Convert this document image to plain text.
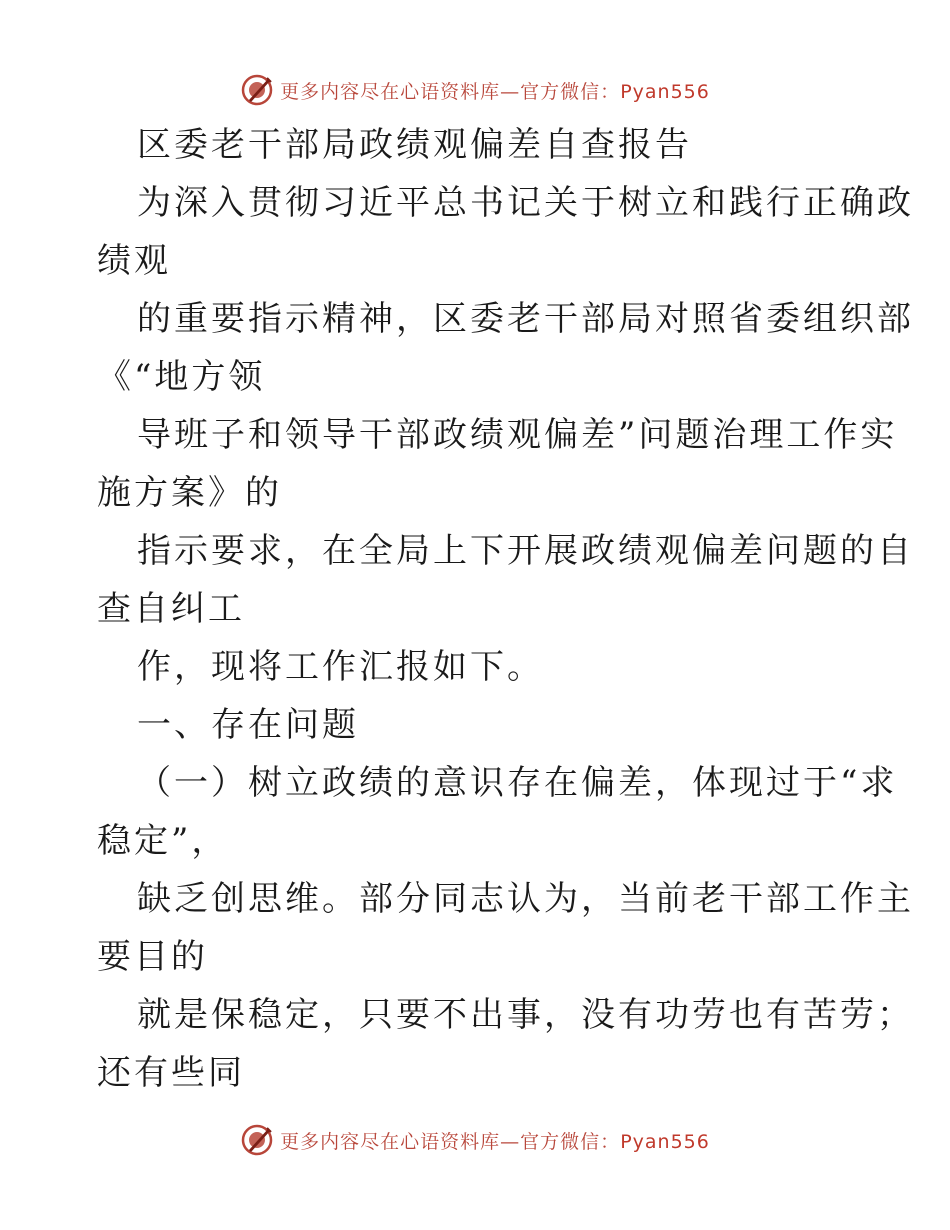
更多内容尽在心语资料库—官方微信：Pyan556
区委老干部局政绩观偏差自查报告
为深入贯彻习近平总书记关于树立和践行正确政
绩观
的重要指示精神，区委老干部局对照省委组织部
《“地方领
导班子和领导干部政绩观偏差”问题治理工作实
施方案》的
指示要求，在全局上下开展政绩观偏差问题的自
查自纠工
作，现将工作汇报如下。
一、存在问题
（一）树立政绩的意识存在偏差，体现过于“求
稳定”，
缺乏创思维。部分同志认为，当前老干部工作主
要目的
就是保稳定，只要不出事，没有功劳也有苦劳；
还有些同
更多内容尽在心语资料库—官方微信：Pyan556
